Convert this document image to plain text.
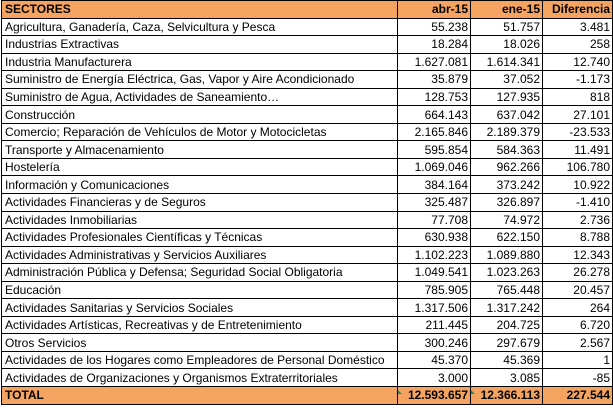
SECTORES	abr-15	ene-15	Diferencia
Agricultura, Ganadería, Caza, Selvicultura y Pesca	55.238	51.757	3.481
Industrias Extractivas	18.284	18.026	258
Industria Manufacturera	1.627.081	1.614.341	12.740
Suministro de Energía Eléctrica, Gas, Vapor y Aire Acondicionado	35.879	37.052	-1.173
Suministro de Agua, Actividades de Saneamiento…	128.753	127.935	818
Construcción	664.143	637.042	27.101
Comercio; Reparación de Vehículos de Motor y Motocicletas	2.165.846	2.189.379	-23.533
Transporte y Almacenamiento	595.854	584.363	11.491
Hostelería	1.069.046	962.266	106.780
Información y Comunicaciones	384.164	373.242	10.922
Actividades Financieras y de Seguros	325.487	326.897	-1.410
Actividades Inmobiliarias	77.708	74.972	2.736
Actividades Profesionales Científicas y Técnicas	630.938	622.150	8.788
Actividades Administrativas y Servicios Auxiliares	1.102.223	1.089.880	12.343
Administración Pública y Defensa; Seguridad Social Obligatoria	1.049.541	1.023.263	26.278
Educación	785.905	765.448	20.457
Actividades Sanitarias y Servicios Sociales	1.317.506	1.317.242	264
Actividades Artísticas, Recreativas y de Entretenimiento	211.445	204.725	6.720
Otros Servicios	300.246	297.679	2.567
Actividades de los Hogares como Empleadores de Personal Doméstico	45.370	45.369	1
Actividades de Organizaciones y Organismos Extraterritoriales	3.000	3.085	-85
TOTAL	12.593.657	12.366.113	227.544
